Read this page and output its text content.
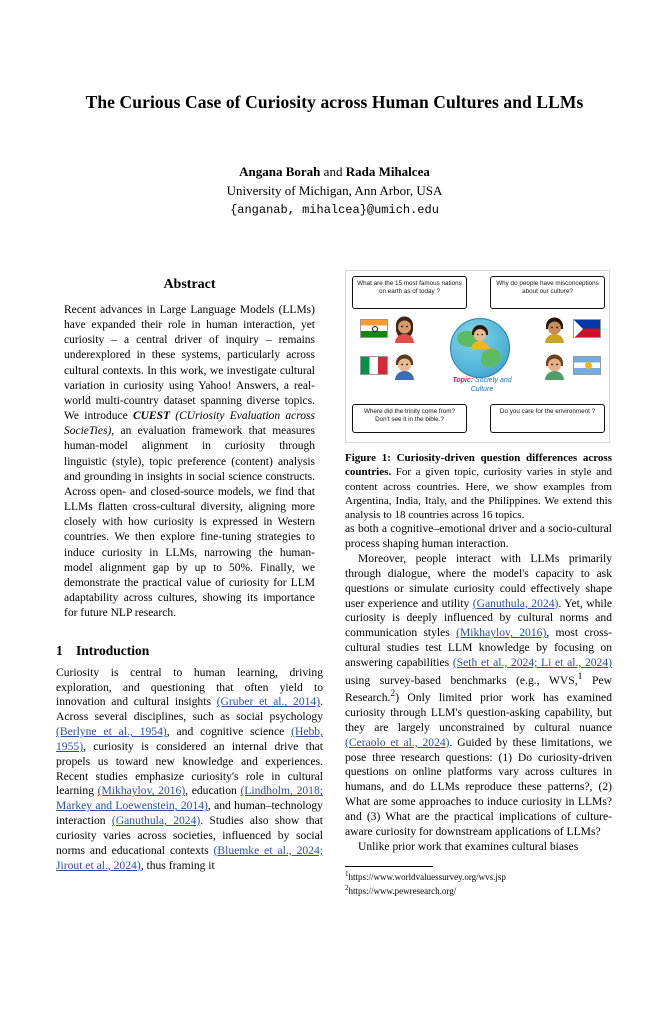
The Curious Case of Curiosity across Human Cultures and LLMs
Angana Borah and Rada Mihalcea
University of Michigan, Ann Arbor, USA
{anganab, mihalcea}@umich.edu
Abstract
Recent advances in Large Language Models (LLMs) have expanded their role in human interaction, yet curiosity – a central driver of inquiry – remains underexplored in these systems, particularly across cultural contexts. In this work, we investigate cultural variation in curiosity using Yahoo! Answers, a real-world multi-country dataset spanning diverse topics. We introduce CUEST (CUriosity Evaluation across SocieTies), an evaluation framework that measures human-model alignment in curiosity through linguistic (style), topic preference (content) analysis and grounding in insights in social science constructs. Across open- and closed-source models, we find that LLMs flatten cross-cultural diversity, aligning more closely with how curiosity is expressed in Western countries. We then explore fine-tuning strategies to induce curiosity in LLMs, narrowing the human-model alignment gap by up to 50%. Finally, we demonstrate the practical value of curiosity for LLM adaptability across cultures, showing its importance for future NLP research.
1 Introduction

Curiosity is central to human learning, driving exploration, and questioning that often yield to innovation and cultural insights (Gruber et al., 2014). Across several disciplines, such as social psychology (Berlyne et al., 1954), and cognitive science (Hebb, 1955), curiosity is considered an internal drive that propels us toward new knowledge and experiences. Recent studies emphasize curiosity's role in cultural learning (Mikhaylov, 2016), education (Lindholm, 2018; Markey and Loewenstein, 2014), and human–technology interaction (Ganuthula, 2024). Studies also show that curiosity varies across societies, influenced by social norms and educational contexts (Bluemke et al., 2024; Jirout et al., 2024), thus framing it

What are the 15 most famous nations on earth as of today ?
Why do people have misconceptions about our culture?
Where did the trinity come from? Don't see it in the bible.?
Do you care for the environment ?
Topic: Society and
Culture
Figure 1: Curiosity-driven question differences across countries. For a given topic, curiosity varies in style and content across countries. Here, we show examples from Argentina, India, Italy, and the Philippines. We extend this analysis to 18 countries across 16 topics.

as both a cognitive–emotional driver and a socio-cultural process shaping human interaction.

Moreover, people interact with LLMs primarily through dialogue, where the model's capacity to ask questions or simulate curiosity could effectively shape user experience and utility (Ganuthula, 2024). Yet, while curiosity is deeply influenced by cultural norms and communication styles (Mikhaylov, 2016), most cross-cultural studies test LLM knowledge by focusing on answering capabilities (Seth et al., 2024; Li et al., 2024) using survey-based benchmarks (e.g., WVS,$^1$ Pew Research.$^2$) Only limited prior work has examined curiosity through LLM's question-asking capability, but they are largely unconstrained by cultural nuance (Ceraolo et al., 2024). Guided by these limitations, we pose three research questions: (1) Do curiosity-driven questions on online platforms vary across cultures in humans, and do LLMs reproduce these patterns?, (2) What are some approaches to induce curiosity in LLMs? and (3) What are the practical implications of culture-aware curiosity for downstream applications of LLMs?

Unlike prior work that examines cultural biases

$^1$https://www.worldvaluessurvey.org/wvs.jsp
$^2$https://www.pewresearch.org/
